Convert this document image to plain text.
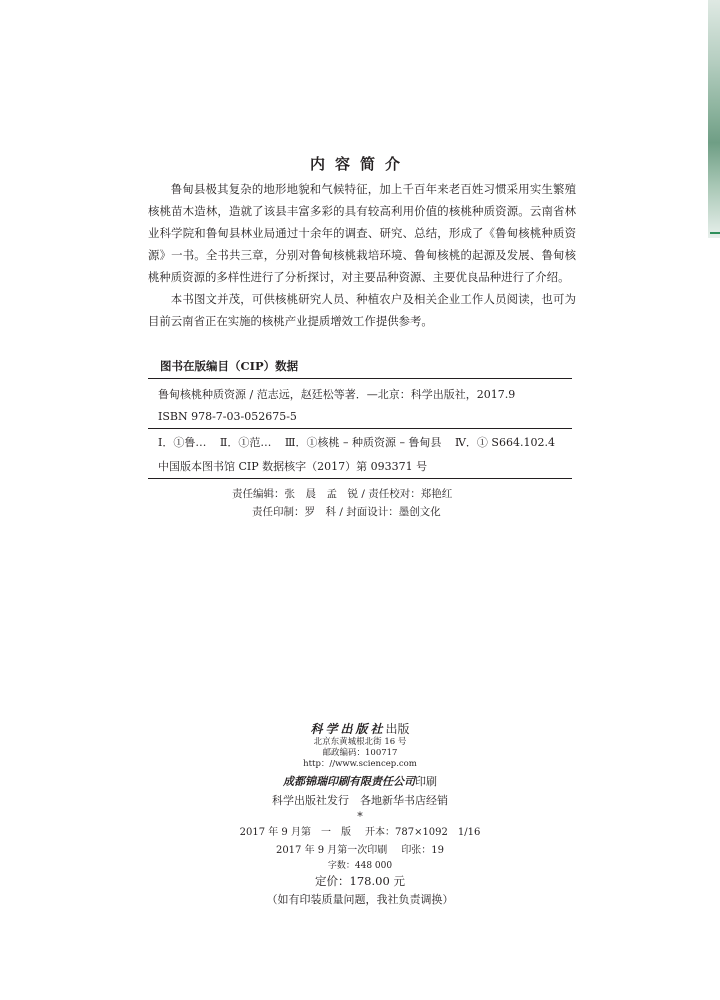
内容简介

鲁甸县极其复杂的地形地貌和气候特征，加上千百年来老百姓习惯采用实生繁殖核桃苗木造林，造就了该县丰富多彩的具有较高利用价值的核桃种质资源。云南省林业科学院和鲁甸县林业局通过十余年的调查、研究、总结，形成了《鲁甸核桃种质资源》一书。全书共三章，分别对鲁甸核桃栽培环境、鲁甸核桃的起源及发展、鲁甸核桃种质资源的多样性进行了分析探讨，对主要品种资源、主要优良品种进行了介绍。

本书图文并茂，可供核桃研究人员、种植农户及相关企业工作人员阅读，也可为目前云南省正在实施的核桃产业提质增效工作提供参考。

图书在版编目（CIP）数据
鲁甸核桃种质资源 / 范志远，赵廷松等著．—北京：科学出版社，2017.9
ISBN 978-7-03-052675-5
Ⅰ．①鲁… Ⅱ．①范… Ⅲ．①核桃 – 种质资源 – 鲁甸县 Ⅳ．① S664.102.4
中国版本图书馆 CIP 数据核字（2017）第 093371 号
责任编辑：张　晨　孟　锐 / 责任校对：郑艳红
责任印制：罗　科 / 封面设计：墨创文化
科学出版社出版
北京东黄城根北街 16 号
邮政编码：100717
http：//www.sciencep.com
成都锦瑞印刷有限责任公司印刷
科学出版社发行　各地新华书店经销
*
2017 年 9 月第　一　版 开本：787×1092　1/16
2017 年 9 月第一次印刷 印张：19
字数：448 000
定价：178.00 元
（如有印装质量问题，我社负责调换）
